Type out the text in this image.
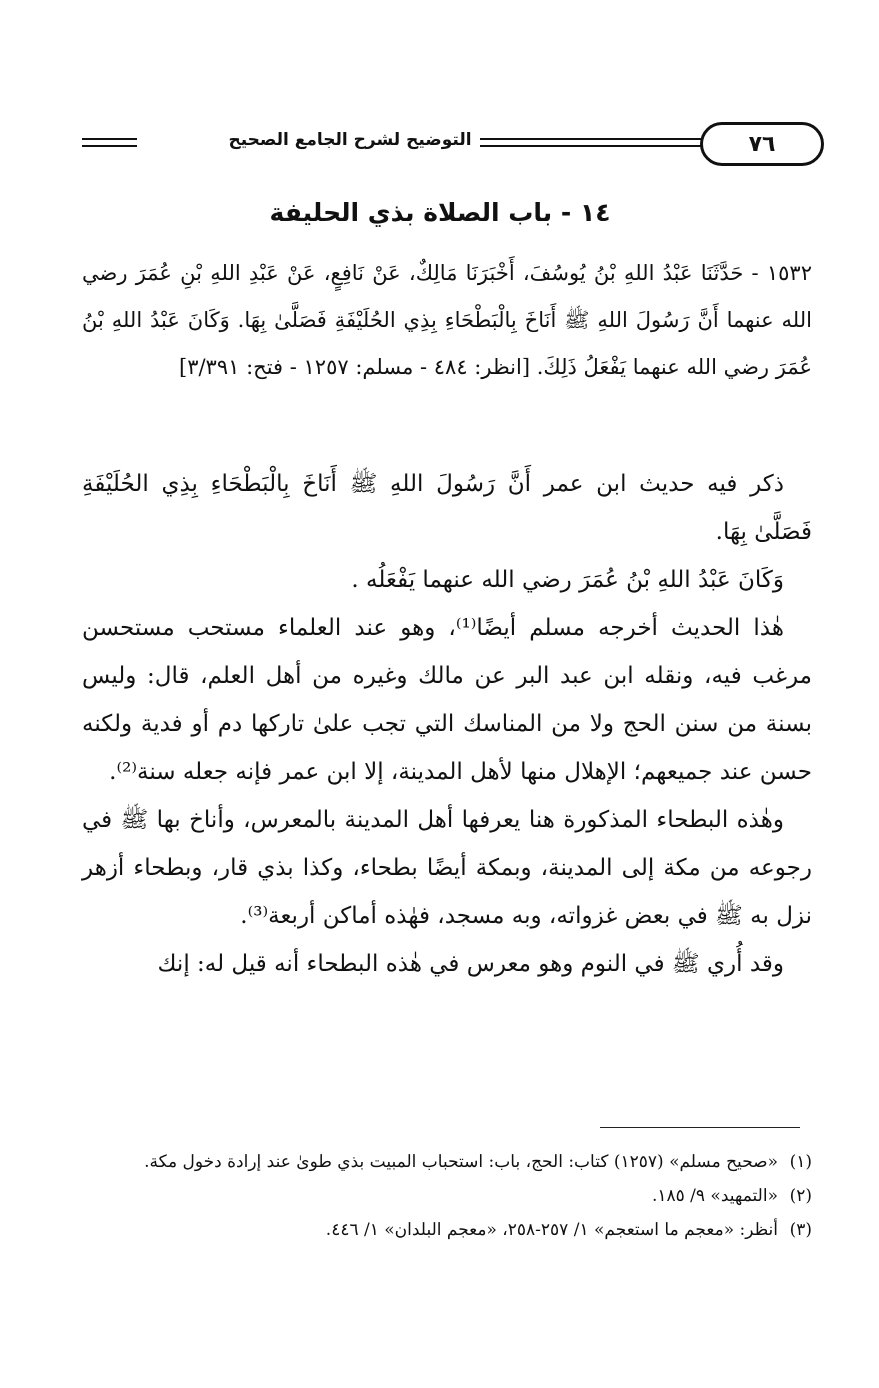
التوضيح لشرح الجامع الصحيح	٧٦
١٤ - باب الصلاة بذي الحليفة
١٥٣٢ - حَدَّثَنَا عَبْدُ اللهِ بْنُ يُوسُفَ، أَخْبَرَنَا مَالِكٌ، عَنْ نَافِعٍ، عَنْ عَبْدِ اللهِ بْنِ عُمَرَ رضي الله عنهما أَنَّ رَسُولَ اللهِ ﷺ أَنَاخَ بِالْبَطْحَاءِ بِذِي الحُلَيْفَةِ فَصَلَّىٰ بِهَا. وَكَانَ عَبْدُ اللهِ بْنُ عُمَرَ رضي الله عنهما يَفْعَلُ ذَلِكَ. [انظر: ٤٨٤ - مسلم: ١٢٥٧ - فتح: ٣/٣٩١]

ذكر فيه حديث ابن عمر أَنَّ رَسُولَ اللهِ ﷺ أَنَاخَ بِالْبَطْحَاءِ بِذِي الحُلَيْفَةِ فَصَلَّىٰ بِهَا.

وَكَانَ عَبْدُ اللهِ بْنُ عُمَرَ رضي الله عنهما يَفْعَلُه .

هٰذا الحديث أخرجه مسلم أيضًا⁽¹⁾، وهو عند العلماء مستحب مستحسن مرغب فيه، ونقله ابن عبد البر عن مالك وغيره من أهل العلم، قال: وليس بسنة من سنن الحج ولا من المناسك التي تجب علىٰ تاركها دم أو فدية ولكنه حسن عند جميعهم؛ الإهلال منها لأهل المدينة، إلا ابن عمر فإنه جعله سنة⁽²⁾.

وهٰذه البطحاء المذكورة هنا يعرفها أهل المدينة بالمعرس، وأناخ بها ﷺ في رجوعه من مكة إلى المدينة، وبمكة أيضًا بطحاء، وكذا بذي قار، وبطحاء أزهر نزل به ﷺ في بعض غزواته، وبه مسجد، فهٰذه أماكن أربعة⁽³⁾.

وقد أُري ﷺ في النوم وهو معرس في هٰذه البطحاء أنه قيل له: إنك

(١)
«صحيح مسلم» (١٢٥٧) كتاب: الحج، باب: استحباب المبيت بذي طوىٰ عند إرادة دخول مكة.
(٢)
«التمهيد» ٩/ ١٨٥.
(٣)
أنظر: «معجم ما استعجم» ١/ ٢٥٧-٢٥٨، «معجم البلدان» ١/ ٤٤٦.
